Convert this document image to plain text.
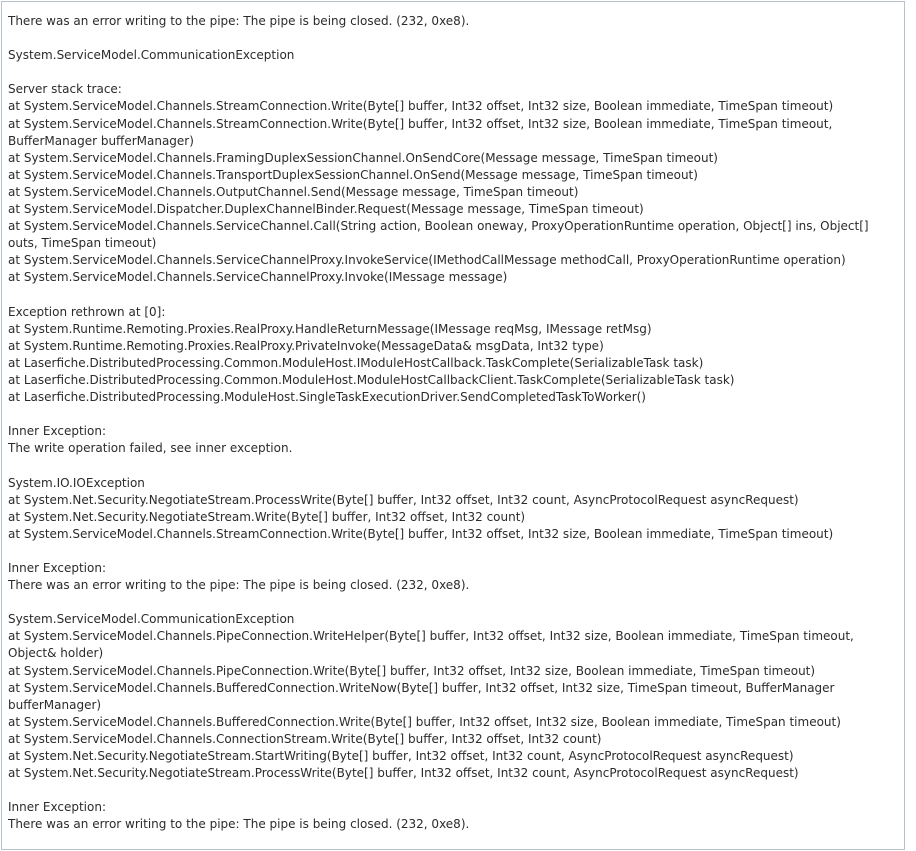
There was an error writing to the pipe: The pipe is being closed. (232, 0xe8).

System.ServiceModel.CommunicationException

Server stack trace:
at System.ServiceModel.Channels.StreamConnection.Write(Byte[] buffer, Int32 offset, Int32 size, Boolean immediate, TimeSpan timeout)
at System.ServiceModel.Channels.StreamConnection.Write(Byte[] buffer, Int32 offset, Int32 size, Boolean immediate, TimeSpan timeout,
BufferManager bufferManager)
at System.ServiceModel.Channels.FramingDuplexSessionChannel.OnSendCore(Message message, TimeSpan timeout)
at System.ServiceModel.Channels.TransportDuplexSessionChannel.OnSend(Message message, TimeSpan timeout)
at System.ServiceModel.Channels.OutputChannel.Send(Message message, TimeSpan timeout)
at System.ServiceModel.Dispatcher.DuplexChannelBinder.Request(Message message, TimeSpan timeout)
at System.ServiceModel.Channels.ServiceChannel.Call(String action, Boolean oneway, ProxyOperationRuntime operation, Object[] ins, Object[]
outs, TimeSpan timeout)
at System.ServiceModel.Channels.ServiceChannelProxy.InvokeService(IMethodCallMessage methodCall, ProxyOperationRuntime operation)
at System.ServiceModel.Channels.ServiceChannelProxy.Invoke(IMessage message)

Exception rethrown at [0]:
at System.Runtime.Remoting.Proxies.RealProxy.HandleReturnMessage(IMessage reqMsg, IMessage retMsg)
at System.Runtime.Remoting.Proxies.RealProxy.PrivateInvoke(MessageData& msgData, Int32 type)
at Laserfiche.DistributedProcessing.Common.ModuleHost.IModuleHostCallback.TaskComplete(SerializableTask task)
at Laserfiche.DistributedProcessing.Common.ModuleHost.ModuleHostCallbackClient.TaskComplete(SerializableTask task)
at Laserfiche.DistributedProcessing.ModuleHost.SingleTaskExecutionDriver.SendCompletedTaskToWorker()

Inner Exception:
The write operation failed, see inner exception.

System.IO.IOException
at System.Net.Security.NegotiateStream.ProcessWrite(Byte[] buffer, Int32 offset, Int32 count, AsyncProtocolRequest asyncRequest)
at System.Net.Security.NegotiateStream.Write(Byte[] buffer, Int32 offset, Int32 count)
at System.ServiceModel.Channels.StreamConnection.Write(Byte[] buffer, Int32 offset, Int32 size, Boolean immediate, TimeSpan timeout)

Inner Exception:
There was an error writing to the pipe: The pipe is being closed. (232, 0xe8).

System.ServiceModel.CommunicationException
at System.ServiceModel.Channels.PipeConnection.WriteHelper(Byte[] buffer, Int32 offset, Int32 size, Boolean immediate, TimeSpan timeout,
Object& holder)
at System.ServiceModel.Channels.PipeConnection.Write(Byte[] buffer, Int32 offset, Int32 size, Boolean immediate, TimeSpan timeout)
at System.ServiceModel.Channels.BufferedConnection.WriteNow(Byte[] buffer, Int32 offset, Int32 size, TimeSpan timeout, BufferManager
bufferManager)
at System.ServiceModel.Channels.BufferedConnection.Write(Byte[] buffer, Int32 offset, Int32 size, Boolean immediate, TimeSpan timeout)
at System.ServiceModel.Channels.ConnectionStream.Write(Byte[] buffer, Int32 offset, Int32 count)
at System.Net.Security.NegotiateStream.StartWriting(Byte[] buffer, Int32 offset, Int32 count, AsyncProtocolRequest asyncRequest)
at System.Net.Security.NegotiateStream.ProcessWrite(Byte[] buffer, Int32 offset, Int32 count, AsyncProtocolRequest asyncRequest)

Inner Exception:
There was an error writing to the pipe: The pipe is being closed. (232, 0xe8).
